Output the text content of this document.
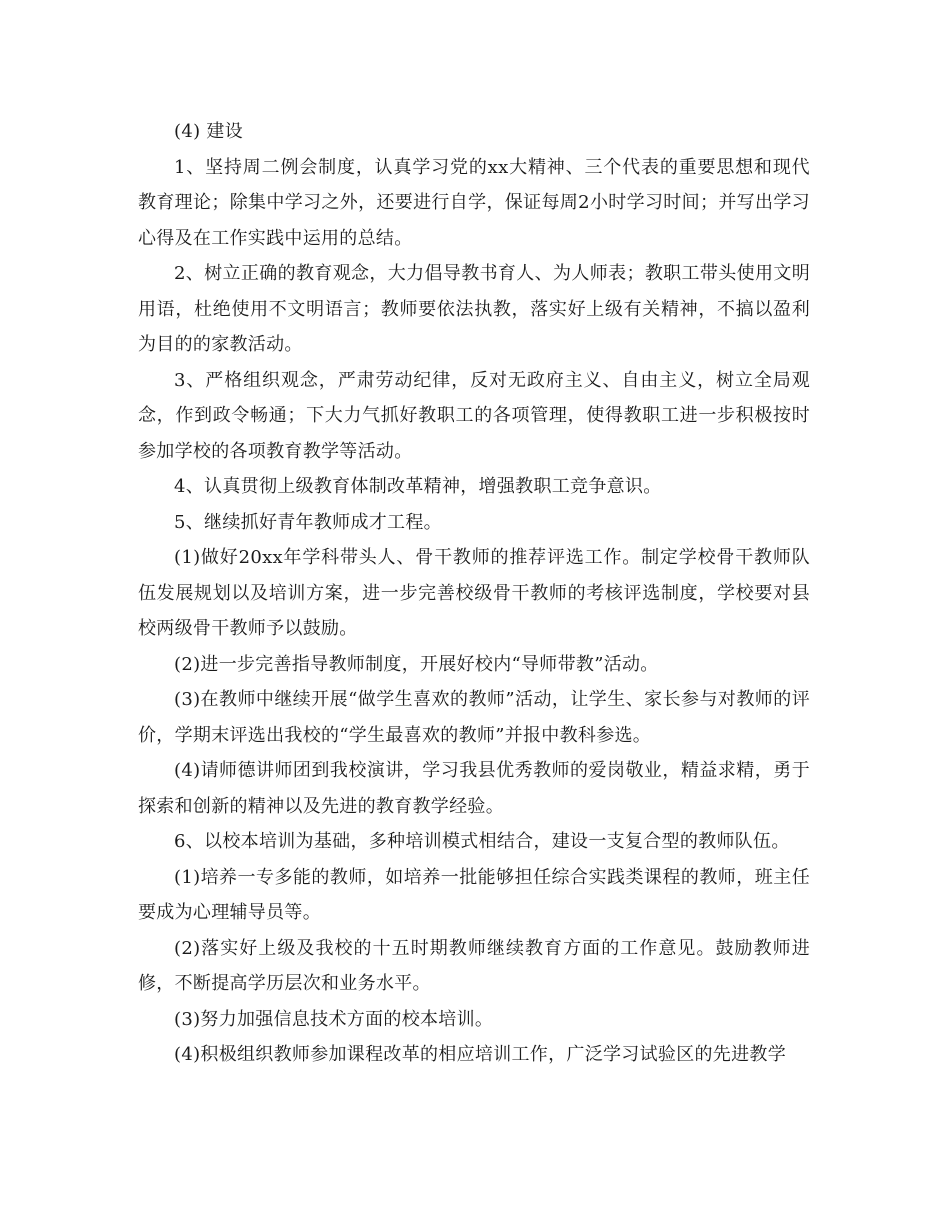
(4) 建设

1、坚持周二例会制度，认真学习党的xx大精神、三个代表的重要思想和现代教育理论；除集中学习之外，还要进行自学，保证每周2小时学习时间；并写出学习心得及在工作实践中运用的总结。

2、树立正确的教育观念，大力倡导教书育人、为人师表；教职工带头使用文明用语，杜绝使用不文明语言；教师要依法执教，落实好上级有关精神，不搞以盈利为目的的家教活动。

3、严格组织观念，严肃劳动纪律，反对无政府主义、自由主义，树立全局观念，作到政令畅通；下大力气抓好教职工的各项管理，使得教职工进一步积极按时参加学校的各项教育教学等活动。

4、认真贯彻上级教育体制改革精神，增强教职工竞争意识。

5、继续抓好青年教师成才工程。

(1)做好20xx年学科带头人、骨干教师的推荐评选工作。制定学校骨干教师队伍发展规划以及培训方案，进一步完善校级骨干教师的考核评选制度，学校要对县校两级骨干教师予以鼓励。

(2)进一步完善指导教师制度，开展好校内“导师带教”活动。

(3)在教师中继续开展“做学生喜欢的教师”活动，让学生、家长参与对教师的评价，学期末评选出我校的“学生最喜欢的教师”并报中教科参选。

(4)请师德讲师团到我校演讲，学习我县优秀教师的爱岗敬业，精益求精，勇于探索和创新的精神以及先进的教育教学经验。

6、以校本培训为基础，多种培训模式相结合，建设一支复合型的教师队伍。

(1)培养一专多能的教师，如培养一批能够担任综合实践类课程的教师，班主任要成为心理辅导员等。

(2)落实好上级及我校的十五时期教师继续教育方面的工作意见。鼓励教师进修，不断提高学历层次和业务水平。

(3)努力加强信息技术方面的校本培训。

(4)积极组织教师参加课程改革的相应培训工作，广泛学习试验区的先进教学
